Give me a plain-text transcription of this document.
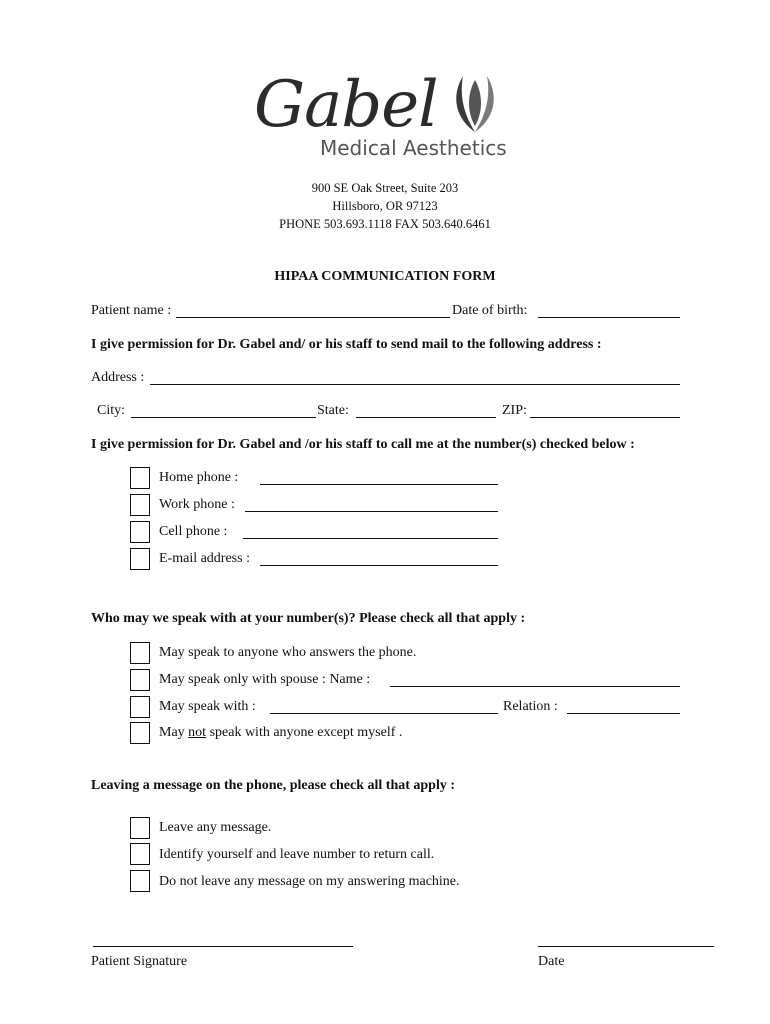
Gabel
Medical Aesthetics
900 SE Oak Street, Suite 203
Hillsboro, OR 97123
PHONE 503.693.1118 FAX 503.640.6461
HIPAA COMMUNICATION FORM
Patient name :	Date of birth:
I give permission for Dr. Gabel and/ or his staff to send mail to the following address :
Address :
City:	State:	ZIP:
I give permission for Dr. Gabel and /or his staff to call me at the number(s) checked below :
Home phone :
Work phone :
Cell phone :
E-mail address :
Who may we speak with at your number(s)? Please check all that apply :
May speak to anyone who answers the phone.
May speak only with spouse : Name :
May speak with :	Relation :
May not speak with anyone except myself .
Leaving a message on the phone, please check all that apply :
Leave any message.
Identify yourself and leave number to return call.
Do not leave any message on my answering machine.
Patient Signature	Date
